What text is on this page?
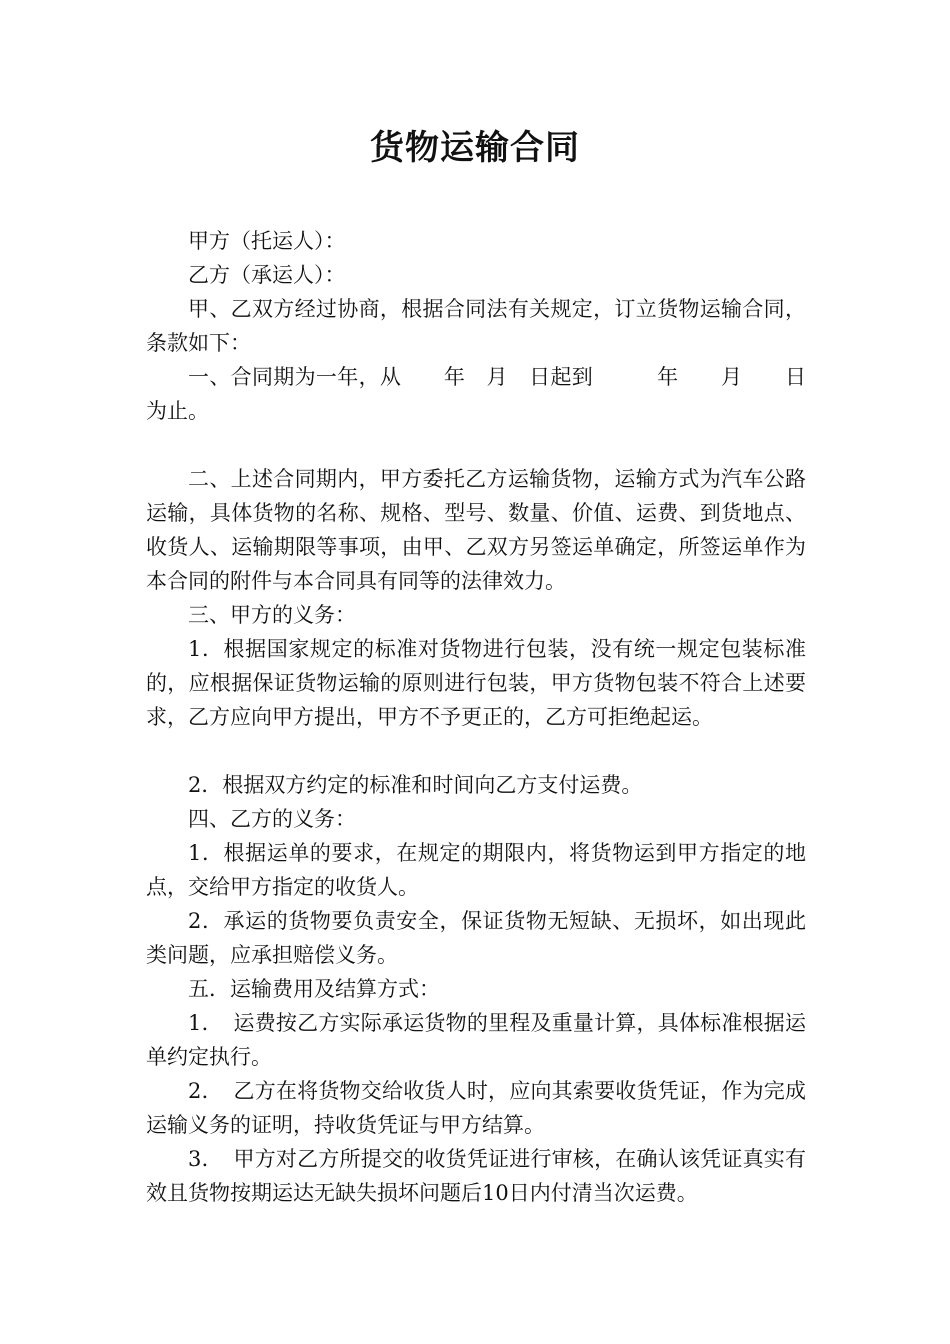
货物运输合同

甲方（托运人）：

乙方（承运人）：

甲、乙双方经过协商，根据合同法有关规定，订立货物运输合同，条款如下：

一、合同期为一年，从　　年　月　日起到　　　年　　月　　日为止。

二、上述合同期内，甲方委托乙方运输货物，运输方式为汽车公路运输，具体货物的名称、规格、型号、数量、价值、运费、到货地点、收货人、运输期限等事项，由甲、乙双方另签运单确定，所签运单作为本合同的附件与本合同具有同等的法律效力。

三、甲方的义务：

1．根据国家规定的标准对货物进行包装，没有统一规定包装标准的，应根据保证货物运输的原则进行包装，甲方货物包装不符合上述要求，乙方应向甲方提出，甲方不予更正的，乙方可拒绝起运。

2．根据双方约定的标准和时间向乙方支付运费。

四、乙方的义务：

1．根据运单的要求，在规定的期限内，将货物运到甲方指定的地点，交给甲方指定的收货人。

2．承运的货物要负责安全，保证货物无短缺、无损坏，如出现此类问题，应承担赔偿义务。

五．运输费用及结算方式：

1．　运费按乙方实际承运货物的里程及重量计算，具体标准根据运单约定执行。

2．　乙方在将货物交给收货人时，应向其索要收货凭证，作为完成运输义务的证明，持收货凭证与甲方结算。

3．　甲方对乙方所提交的收货凭证进行审核，在确认该凭证真实有效且货物按期运达无缺失损坏问题后10日内付清当次运费。
